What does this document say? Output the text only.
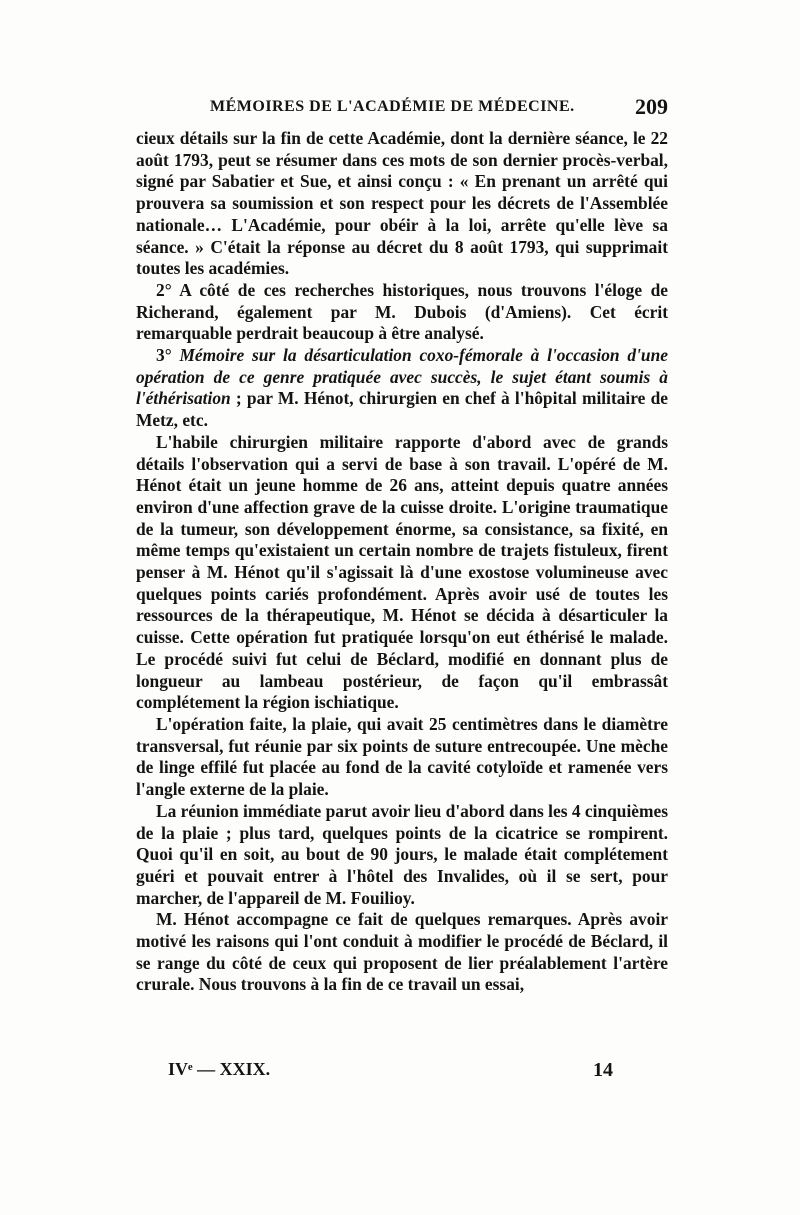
MÉMOIRES DE L'ACADÉMIE DE MÉDECINE.	209

cieux détails sur la fin de cette Académie, dont la dernière séance, le 22 août 1793, peut se résumer dans ces mots de son dernier procès-verbal, signé par Sabatier et Sue, et ainsi conçu : « En prenant un arrêté qui prouvera sa soumission et son respect pour les décrets de l'Assemblée nationale… L'Académie, pour obéir à la loi, arrête qu'elle lève sa séance. » C'était la réponse au décret du 8 août 1793, qui supprimait toutes les académies.

2° A côté de ces recherches historiques, nous trouvons l'éloge de Richerand, également par M. Dubois (d'Amiens). Cet écrit remarquable perdrait beaucoup à être analysé.

3° Mémoire sur la désarticulation coxo-fémorale à l'occasion d'une opération de ce genre pratiquée avec succès, le sujet étant soumis à l'éthérisation ; par M. Hénot, chirurgien en chef à l'hôpital militaire de Metz, etc.

L'habile chirurgien militaire rapporte d'abord avec de grands détails l'observation qui a servi de base à son travail. L'opéré de M. Hénot était un jeune homme de 26 ans, atteint depuis quatre années environ d'une affection grave de la cuisse droite. L'origine traumatique de la tumeur, son développement énorme, sa consistance, sa fixité, en même temps qu'existaient un certain nombre de trajets fistuleux, firent penser à M. Hénot qu'il s'agissait là d'une exostose volumineuse avec quelques points cariés profondément. Après avoir usé de toutes les ressources de la thérapeutique, M. Hénot se décida à désarticuler la cuisse. Cette opération fut pratiquée lorsqu'on eut éthérisé le malade. Le procédé suivi fut celui de Béclard, modifié en donnant plus de longueur au lambeau postérieur, de façon qu'il embrassât complétement la région ischiatique.

L'opération faite, la plaie, qui avait 25 centimètres dans le diamètre transversal, fut réunie par six points de suture entrecoupée. Une mèche de linge effilé fut placée au fond de la cavité cotyloïde et ramenée vers l'angle externe de la plaie.

La réunion immédiate parut avoir lieu d'abord dans les 4 cinquièmes de la plaie ; plus tard, quelques points de la cicatrice se rompirent. Quoi qu'il en soit, au bout de 90 jours, le malade était complétement guéri et pouvait entrer à l'hôtel des Invalides, où il se sert, pour marcher, de l'appareil de M. Fouilioy.

M. Hénot accompagne ce fait de quelques remarques. Après avoir motivé les raisons qui l'ont conduit à modifier le procédé de Béclard, il se range du côté de ceux qui proposent de lier préalablement l'artère crurale. Nous trouvons à la fin de ce travail un essai,

IVᵉ — XXIX.	14
